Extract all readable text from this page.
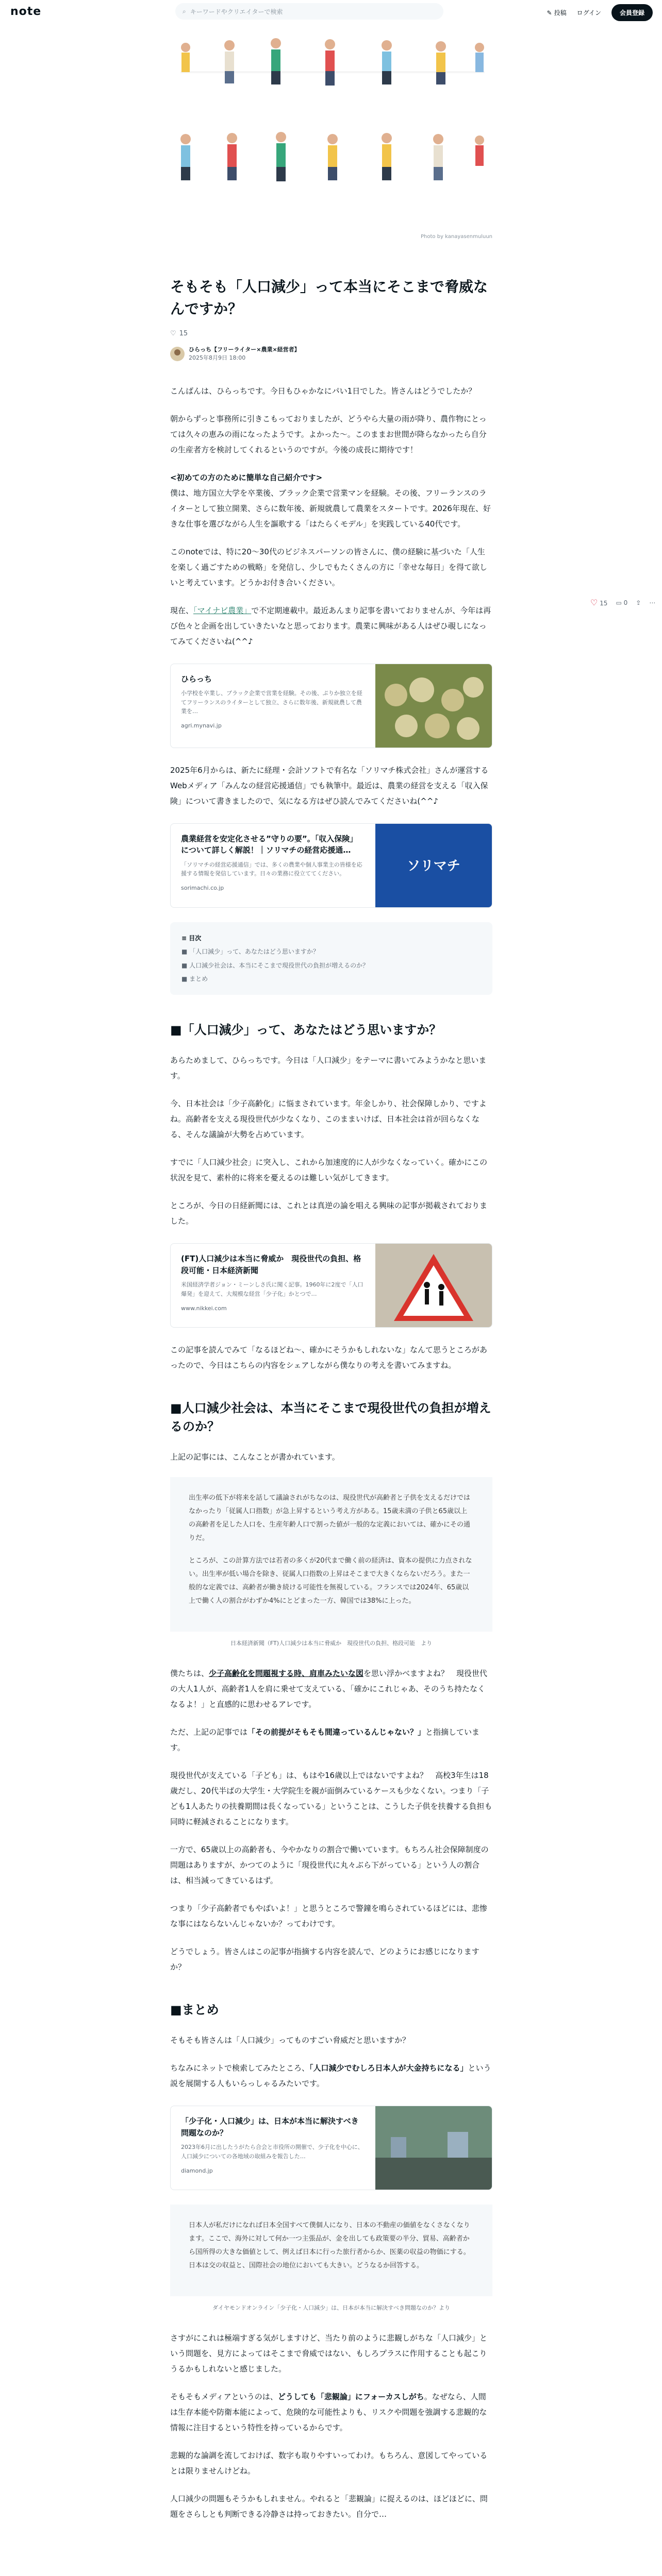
note	⌕ キーワードやクリエイターで検索	✎ 投稿 ログイン	会員登録
Photo by kanayasenmuluun
そもそも「人口減少」って本当にそこまで脅威なんですか？
♡ 15
ひらっち【フリーライター×農業×経営者】
2025年8月9日 18:00

こんばんは、ひらっちです。今日もひゃかなにパい1日でした。皆さんはどうでしたか？

朝からずっと事務所に引きこもっておりましたが、どうやら大量の雨が降り、農作物にとっては久々の恵みの雨になったようです。よかった〜。このままお世間が降らなかったら自分の生産者方を検討してくれるというのですが。今後の成長に期待です！

<初めての方のために簡単な自己紹介です>
僕は、地方国立大学を卒業後、ブラック企業で営業マンを経験。その後、フリーランスのライターとして独立開業、さらに数年後、新規就農して農業をスタートです。2026年現在、好きな仕事を選びながら人生を謳歌する「はたらくモデル」を実践している40代です。

このnoteでは、特に20〜30代のビジネスパーソンの皆さんに、僕の経験に基づいた「人生を楽しく過ごすための戦略」を発信し、少しでもたくさんの方に「幸せな毎日」を得て欲しいと考えています。どうかお付き合いください。

現在、「マイナビ農業」で不定期連載中。最近あんまり記事を書いておりませんが、今年は再び色々と企画を出していきたいなと思っております。農業に興味がある人はぜひ覗しになってみてくださいね(^^♪

ひらっち
小学校を卒業し、ブラック企業で営業を経験。その後、ぷりか独立を経てフリーランスのライターとして独立、さらに数年後、新規就農して農業を…
agri.mynavi.jp

2025年6月からは、新たに経理・会計ソフトで有名な「ソリマチ株式会社」さんが運営するWebメディア「みんなの経営応援通信」でも執筆中。最近は、農業の経営を支える「収入保険」について書きましたので、気になる方はぜひ読んでみてくださいね(^^♪

農業経営を安定化させる”守りの要”。「収入保険」について詳しく解説！｜ソリマチの経営応援通…
「ソリマチの経営応援通信」では、多くの農業や個人事業主の皆様を応援する情報を発信しています。日々の業務に役立ててください。
sorimachi.co.jp
ソリマチ
≡ 目次
■ 「人口減少」って、あなたはどう思いますか？
■ 人口減少社会は、本当にそこまで現役世代の負担が増えるのか？
■ まとめ
■「人口減少」って、あなたはどう思いますか？

あらためまして、ひらっちです。今日は「人口減少」をテーマに書いてみようかなと思います。

今、日本社会は「少子高齢化」に悩まされています。年金しかり、社会保障しかり、ですよね。高齢者を支える現役世代が少なくなり、このままいけば、日本社会は首が回らなくなる、そんな議論が大勢を占めています。

すでに「人口減少社会」に突入し、これから加速度的に人が少なくなっていく。確かにこの状況を見て、素朴的に将来を憂えるのは難しい気がしてきます。

ところが、今日の日経新聞には、これとは真逆の論を唱える興味の記事が掲載されておりました。

(FT)人口減少は本当に脅威か　現役世代の負担、格段可能・日本経済新聞
米国経済学者ジョン・ミーンしさ氏に聞く記事。1960年に2度で「人口爆発」を迎えて、大規模な経営「少子化」かとつで…
www.nikkei.com

この記事を読んでみて「なるほどね〜、確かにそうかもしれないな」なんて思うところがあったので、今日はこちらの内容をシェアしながら僕なりの考えを書いてみますね。

■人口減少社会は、本当にそこまで現役世代の負担が増えるのか？

上記の記事には、こんなことが書かれています。

出生率の低下が将来を話して議論されがちなのは、現役世代が高齢者と子供を支えるだけではなかったり「従属人口指数」が急上昇するという考え方がある。15歳未満の子供と65歳以上の高齢者を足した人口を、生産年齢人口で割った値が一般的な定義においては、確かにその通りだ。

ところが、この計算方法では若者の多くが20代まで働く前の経済は、資本の提供に力点されない。出生率が低い場合を除き、従属人口指数の上昇はそこまで大きくならないだろう。また一般的な定義では、高齢者が働き続ける可能性を無視している。フランスでは2024年、65歳以上で働く人の割合がわずか4%にとどまった一方、韓国では38%に上った。

日本経済新聞（FT)人口減少は本当に脅威か　現役世代の負担、格段可能　より

僕たちは、少子高齢化を問題視する時、肩車みたいな図を思い浮かべますよね？　現役世代の大人1人が、高齢者1人を肩に乗せて支えている、「確かにこれじゃあ、そのうち持たなくなるよ！」と直感的に思わせるアレです。

ただ、上記の記事では「その前提がそもそも間違っているんじゃない？」と指摘しています。

現役世代が支えている「子ども」は、もはや16歳以上ではないですよね？　高校3年生は18歳だし、20代半ばの大学生・大学院生を親が面倒みているケースも少なくない。つまり「子ども1人あたりの扶養期間は長くなっている」ということは、こうした子供を扶養する負担も同時に軽減されることになります。

一方で、65歳以上の高齢者も、今やかなりの割合で働いています。もちろん社会保障制度の問題はありますが、かつてのように「現役世代に丸々ぶら下がっている」という人の割合は、相当減ってきているはず。

つまり「少子高齢者でもやばいよ！」と思うところで警鐘を鳴らされているほどには、悲惨な事にはならないんじゃないか？ってわけです。

どうでしょう。皆さんはこの記事が指摘する内容を読んで、どのようにお感じになりますか？

■まとめ

そもそも皆さんは「人口減少」ってものすごい脅威だと思いますか？

ちなみにネットで検索してみたところ、「人口減少でむしろ日本人が大金持ちになる」という説を展開する人もいらっしゃるみたいです。

「少子化・人口減少」は、日本が本当に解決すべき問題なのか？
2023年6月に出したうがたら合会と市役所の開催で、少子化を中心に、人口減少についての各地域の取組みを報告した…
diamond.jp

日本人が私だけになれば日本全国すべて僕個人になり、日本の不動産の価値をなくさなくなります。ここで、海外に対して何か一つ主張品が、金を出しても政策要の半分、貿易、高齢者から国所得の大きな価値として、例えば日本に行った旅行者からか、医薬の収益の物価にする。日本は交の収益と、国際社会の地位においても大きい。どうなるか回答する。

ダイヤモンドオンライン「少子化・人口減少」は、日本が本当に解決すべき問題なのか？より

さすがにこれは極端すぎる気がしますけど、当たり前のように悲観しがちな「人口減少」という問題を、見方によってはそこまで脅威ではない、もしろプラスに作用することも起こりうるかもしれないと感じました。

そもそもメディアというのは、どうしても「悲観論」にフォーカスしがち。なぜなら、人間は生存本能や防衛本能によって、危険的な可能性よりも、リスクや問題を強調する悲観的な情報に注目するという特性を持っているからです。

悲観的な論調を流しておけば、数字も取りやすいってわけ。もちろん、意図してやっているとは限りませんけどね。

人口減少の問題もそうかもしれません。やれると「悲観論」に捉えるのは、ほどほどに、問題をさらしとも判断できる冷静さは持っておきたい。自分で…

♡ 15 ▭ 0 ⇪ ⋯
